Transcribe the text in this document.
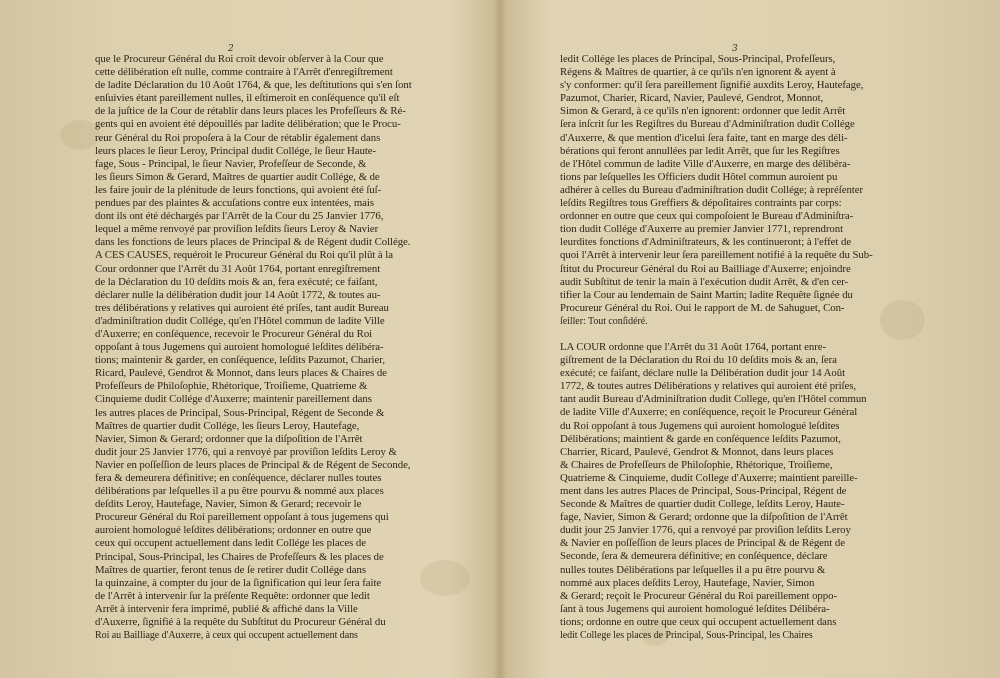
2
que le Procureur Général du Roi croit devoir obſerver à la Cour que
cette délibération eſt nulle, comme contraire à l'Arrêt d'enregiſtrement
de ladite Déclaration du 10 Août 1764, & que, les deſtitutions qui s'en ſont
enſuivies étant pareillement nulles, il eſtimeroit en conſéquence qu'il eſt
de la juſtice de la Cour de rétablir dans leurs places les Profeſſeurs & Ré-
gents qui en avoient été dépouillés par ladite délibération; que le Procu-
reur Général du Roi propoſera à la Cour de rétablir également dans
leurs places le ſieur Leroy, Principal dudit Collége, le ſieur Haute-
fage, Sous - Principal, le ſieur Navier, Profeſſeur de Seconde, &
les ſieurs Simon & Gerard, Maîtres de quartier audit Collége, & de
les faire jouir de la plénitude de leurs fonctions, qui avoient été ſuſ-
pendues par des plaintes & accuſations contre eux intentées, mais
dont ils ont été déchargés par l'Arrêt de la Cour du 25 Janvier 1776,
lequel a même renvoyé par proviſion leſdits ſieurs Leroy & Navier
dans les fonctions de leurs places de Principal & de Régent dudit Collége.
A CES CAUSES, requéroit le Procureur Général du Roi qu'il plût à la
Cour ordonner que l'Arrêt du 31 Août 1764, portant enregiſtrement
de la Déclaration du 10 deſdits mois & an, fera exécuté; ce faiſant,
déclarer nulle la délibération dudit jour 14 Août 1772, & toutes au-
tres délibérations y relatives qui auroient été priſes, tant audit Bureau
d'adminiſtration dudit Collége, qu'en l'Hôtel commun de ladite Ville
d'Auxerre; en conſéquence, recevoir le Procureur Général du Roi
oppoſant à tous Jugemens qui auroient homologué leſdites délibéra-
tions; maintenir & garder, en conſéquence, leſdits Pazumot, Charier,
Ricard, Paulevé, Gendrot & Monnot, dans leurs places & Chaires de
Profeſſeurs de Philoſophie, Rhétorique, Troiſieme, Quatrieme &
Cinquieme dudit Collége d'Auxerre; maintenir pareillement dans
les autres places de Principal, Sous-Principal, Régent de Seconde &
Maîtres de quartier dudit Collége, les ſieurs Leroy, Hautefage,
Navier, Simon & Gerard; ordonner que la diſpoſition de l'Arrêt
dudit jour 25 Janvier 1776, qui a renvoyé par proviſion leſdits Leroy &
Navier en poſſeſſion de leurs places de Principal & de Régent de Seconde,
fera & demeurera définitive; en conſéquence, déclarer nulles toutes
délibérations par leſquelles il a pu être pourvu & nommé aux places
deſdits Leroy, Hautefage, Navier, Simon & Gerard; recevoir le
Procureur Général du Roi pareillement oppoſant à tous jugemens qui
auroient homologué leſdites délibérations; ordonner en outre que
ceux qui occupent actuellement dans ledit Collége les places de
Principal, Sous-Principal, les Chaires de Profeſſeurs & les places de
Maîtres de quartier, feront tenus de ſe retirer dudit Collége dans
la quinzaine, à compter du jour de la ſignification qui leur ſera faite
de l'Arrêt à intervenir ſur la préſente Requête: ordonner que ledit
Arrêt à intervenir fera imprimé, publié & affiché dans la Ville
d'Auxerre, ſignifié à la requête du Subſtitut du Procureur Général du
Roi au Bailliage d'Auxerre, à ceux qui occupent actuellement dans
3
ledit Collége les places de Principal, Sous-Principal, Profeſſeurs,
Régens & Maîtres de quartier, à ce qu'ils n'en ignorent & ayent à
s'y conformer: qu'il ſera pareillement ſignifié auxdits Leroy, Hautefage,
Pazumot, Charier, Ricard, Navier, Paulevé, Gendrot, Monnot,
Simon & Gerard, à ce qu'ils n'en ignorent: ordonner que ledit Arrêt
ſera inſcrit ſur les Regiſtres du Bureau d'Adminiſtration dudit Collége
d'Auxerre, & que mention d'icelui ſera faite, tant en marge des déli-
bérations qui feront annullées par ledit Arrêt, que ſur les Regiſtres
de l'Hôtel commun de ladite Ville d'Auxerre, en marge des délibéra-
tions par leſquelles les Officiers dudit Hôtel commun auroient pu
adhérer à celles du Bureau d'adminiſtration dudit Collége; à repréſenter
leſdits Regiſtres tous Greffiers & dépoſitaires contraints par corps:
ordonner en outre que ceux qui compoſoient le Bureau d'Adminiſtra-
tion dudit Collége d'Auxerre au premier Janvier 1771, reprendront
leurdites fonctions d'Adminiſtrateurs, & les continueront; à l'effet de
quoi l'Arrêt à intervenir leur ſera pareillement notifié à la requête du Sub-
ſtitut du Procureur Général du Roi au Bailliage d'Auxerre; enjoindre
audit Subſtitut de tenir la main à l'exécution dudit Arrêt, & d'en cer-
tifier la Cour au lendemain de Saint Martin; ladite Requête ſignée du
Procureur Général du Roi. Oui le rapport de M. de Sahuguet, Con-
ſeiller: Tout conſidéré.
LA COUR ordonne que l'Arrêt du 31 Août 1764, portant enre-
giſtrement de la Déclaration du Roi du 10 deſdits mois & an, ſera
exécuté; ce faiſant, déclare nulle la Délibération dudit jour 14 Août
1772, & toutes autres Délibérations y relatives qui auroient été priſes,
tant audit Bureau d'Adminiſtration dudit College, qu'en l'Hôtel commun
de ladite Ville d'Auxerre; en conſéquence, reçoit le Procureur Général
du Roi oppoſant à tous Jugemens qui auroient homologué leſdites
Délibérations; maintient & garde en conſéquence leſdits Pazumot,
Charrier, Ricard, Paulevé, Gendrot & Monnot, dans leurs places
& Chaires de Profeſſeurs de Philoſophie, Rhétorique, Troiſieme,
Quatrieme & Cinquieme, dudit College d'Auxerre; maintient pareille-
ment dans les autres Places de Principal, Sous-Principal, Régent de
Seconde & Maîtres de quartier dudit College, leſdits Leroy, Haute-
fage, Navier, Simon & Gerard; ordonne que la diſpoſition de l'Arrêt
dudit jour 25 Janvier 1776, qui a renvoyé par proviſion leſdits Leroy
& Navier en poſſeſſion de leurs places de Principal & de Régent de
Seconde, ſera & demeurera définitive; en conſéquence, déclare
nulles toutes Délibérations par leſquelles il a pu être pourvu &
nommé aux places deſdits Leroy, Hautefage, Navier, Simon
& Gerard; reçoit le Procureur Général du Roi pareillement oppo-
ſant à tous Jugemens qui auroient homologué leſdites Délibéra-
tions; ordonne en outre que ceux qui occupent actuellement dans
ledit College les places de Principal, Sous-Principal, les Chaires
